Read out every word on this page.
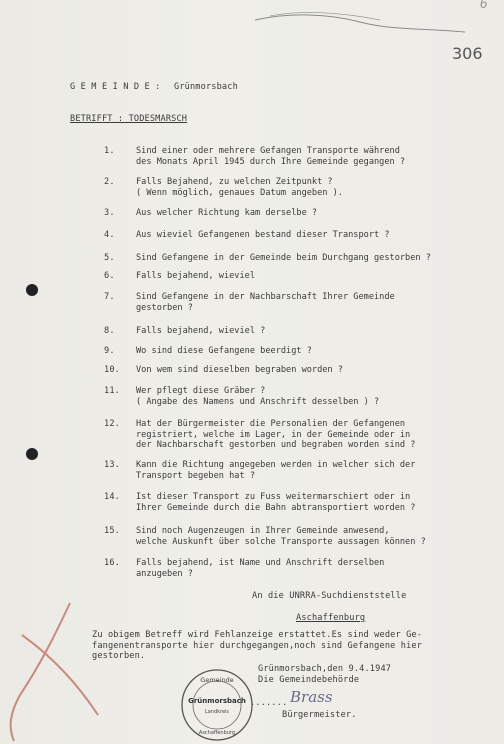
6
306
G E M E I N D E : Grünmorsbach
BETRIFFT : TODESMARSCH
1. Sind einer oder mehrere Gefangen Transporte während
des Monats April 1945 durch Ihre Gemeinde gegangen ?
2. Falls Bejahend, zu welchen Zeitpunkt ?
( Wenn möglich, genaues Datum angeben ).
3. Aus welcher Richtung kam derselbe ?
4. Aus wieviel Gefangenen bestand dieser Transport ?
5. Sind Gefangene in der Gemeinde beim Durchgang gestorben ?
6. Falls bejahend, wieviel
7. Sind Gefangene in der Nachbarschaft Ihrer Gemeinde
gestorben ?
8. Falls bejahend, wieviel ?
9. Wo sind diese Gefangene beerdigt ?
10. Von wem sind dieselben begraben worden ?
11. Wer pflegt diese Gräber ?
( Angabe des Namens und Anschrift desselben ) ?
12. Hat der Bürgermeister die Personalien der Gefangenen
registriert, welche im Lager, in der Gemeinde oder in
der Nachbarschaft gestorben und begraben worden sind ?
13. Kann die Richtung angegeben werden in welcher sich der
Transport begeben hat ?
14. Ist dieser Transport zu Fuss weitermarschiert oder in
Ihrer Gemeinde durch die Bahn abtransportiert worden ?
15. Sind noch Augenzeugen in Ihrer Gemeinde anwesend,
welche Auskunft über solche Transporte aussagen können ?
16. Falls bejahend, ist Name und Anschrift derselben
anzugeben ?
An die UNRRA-Suchdienststelle
Aschaffenburg
Zu obigem Betreff wird Fehlanzeige erstattet.Es sind weder Ge-
fangenentransporte hier durchgegangen,noch sind Gefangene hier
gestorben.
Grünmorsbach,den 9.4.1947
Die Gemeindebehörde
....... Brass
Bürgermeister.
Gemeinde
Grünmorsbach
Landkreis
Aschaffenburg
